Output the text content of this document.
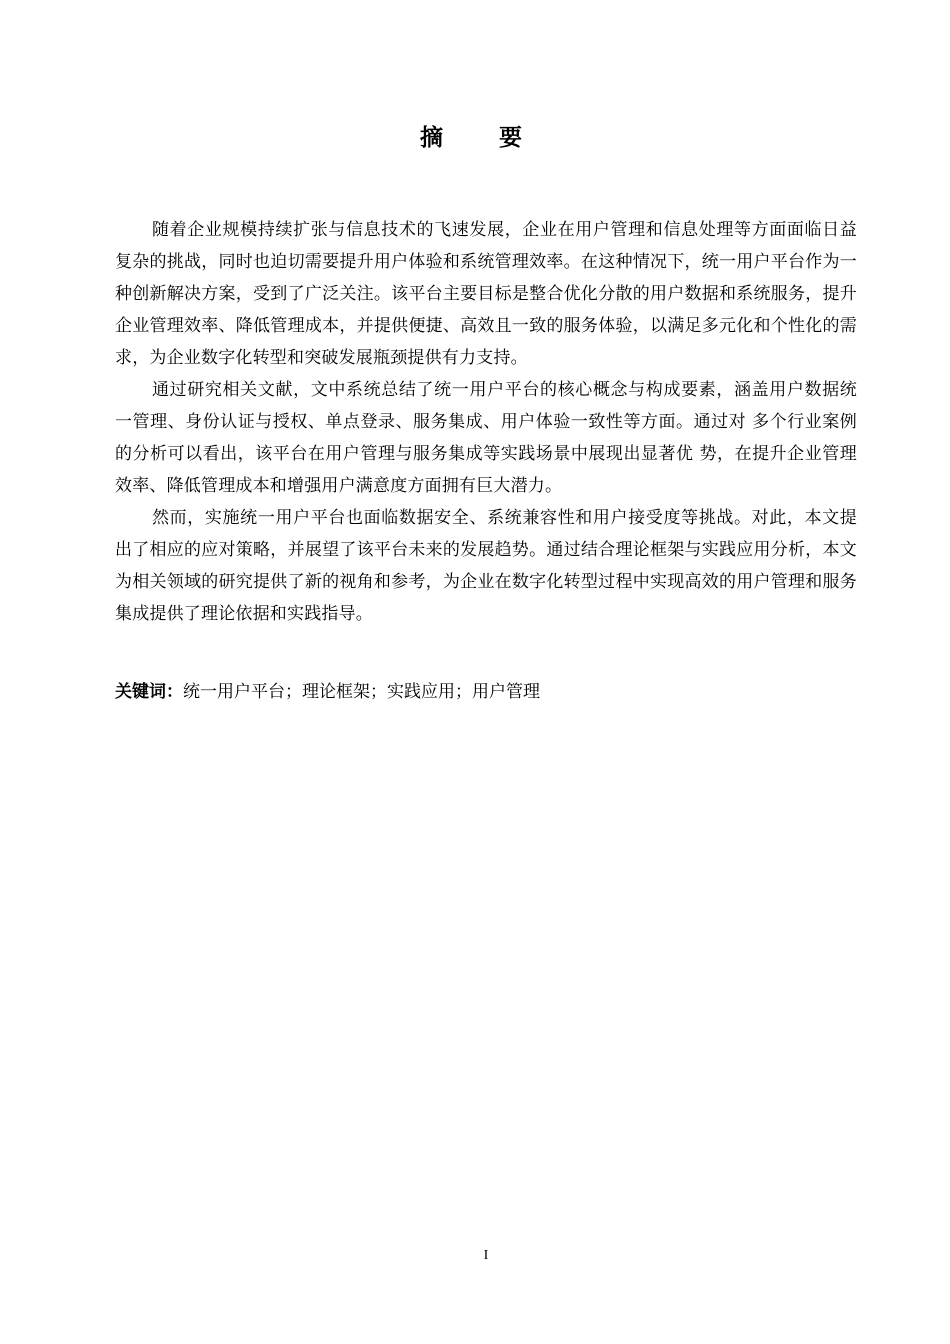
摘 要

随着企业规模持续扩张与信息技术的飞速发展，企业在用户管理和信息处理等方面面临日益复杂的挑战，同时也迫切需要提升用户体验和系统管理效率。在这种情况下，统一用户平台作为一种创新解决方案，受到了广泛关注。该平台主要目标是整合优化分散的用户数据和系统服务，提升企业管理效率、降低管理成本，并提供便捷、高效且一致的服务体验，以满足多元化和个性化的需求，为企业数字化转型和突破发展瓶颈提供有力支持。

通过研究相关文献，文中系统总结了统一用户平台的核心概念与构成要素，涵盖用户数据统一管理、身份认证与授权、单点登录、服务集成、用户体验一致性等方面。通过对 多个行业案例的分析可以看出，该平台在用户管理与服务集成等实践场景中展现出显著优 势，在提升企业管理效率、降低管理成本和增强用户满意度方面拥有巨大潜力。

然而，实施统一用户平台也面临数据安全、系统兼容性和用户接受度等挑战。对此，本文提出了相应的应对策略，并展望了该平台未来的发展趋势。通过结合理论框架与实践应用分析，本文为相关领域的研究提供了新的视角和参考，为企业在数字化转型过程中实现高效的用户管理和服务集成提供了理论依据和实践指导。

关键词：统一用户平台；理论框架；实践应用；用户管理
I
